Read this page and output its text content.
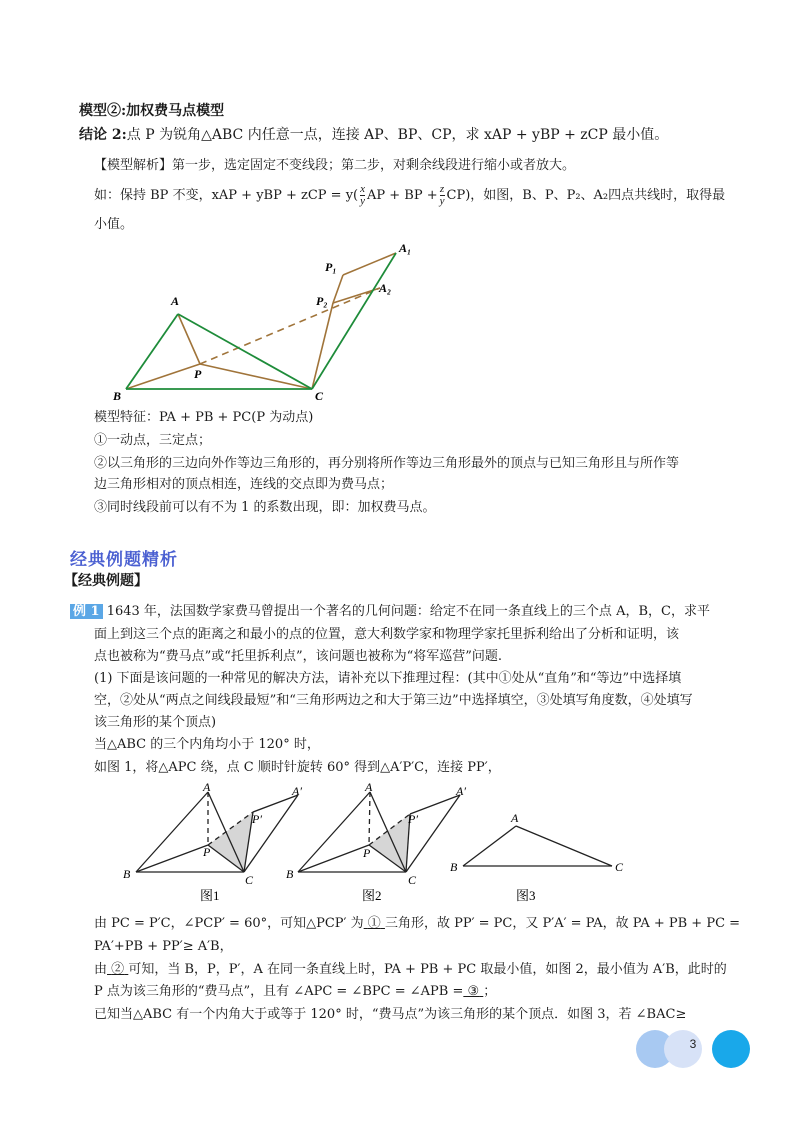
模型②:加权费马点模型
结论 2:点 P 为锐角△ABC 内任意一点，连接 AP、BP、CP，求 xAP + yBP + zCP 最小值。
【模型解析】第一步，选定固定不变线段；第二步，对剩余线段进行缩小或者放大。
如：保持 BP 不变，xAP + yBP + zCP = $y( \frac{x}{y}$ AP + BP + $\frac{z}{y} CP$)，如图，B、P、P₂、A₂四点共线时，取得最
小值。
A
B	C
P
P₁
P₂
A₁
A₂
模型特征：PA + PB + PC(P 为动点)
①一动点，三定点；
②以三角形的三边向外作等边三角形的，再分别将所作等边三角形最外的顶点与已知三角形且与所作等
边三角形相对的顶点相连，连线的交点即为费马点；
③同时线段前可以有不为 1 的系数出现，即：加权费马点。
经典例题精析
【经典例题】
例 1 1643 年，法国数学家费马曾提出一个著名的几何问题：给定不在同一条直线上的三个点 A，B，C，求平
面上到这三个点的距离之和最小的点的位置，意大利数学家和物理学家托里拆利给出了分析和证明，该
点也被称为“费马点”或“托里拆利点”，该问题也被称为“将军巡营”问题.
(1) 下面是该问题的一种常见的解决方法，请补充以下推理过程：(其中①处从“直角”和“等边”中选择填
空，②处从“两点之间线段最短”和“三角形两边之和大于第三边”中选择填空，③处填写角度数，④处填写
该三角形的某个顶点)
当△ABC 的三个内角均小于 120° 时，
如图 1，将△APC 绕，点 C 顺时针旋转 60° 得到△A′P′C，连接 PP′，
A
B	C
P
P′
A′	A
B	C
P
P′
A′
A
B	C
图1	图2	图3
由 PC = P′C，∠PCP′ = 60°，可知△PCP′ 为 ① 三角形，故 PP′ = PC，又 P′A′ = PA，故 PA + PB + PC =
PA′+PB + PP′≥ A′B，
由 ② 可知，当 B，P，P′，A 在同一条直线上时，PA + PB + PC 取最小值，如图 2，最小值为 A′B，此时的
P 点为该三角形的“费马点”，且有 ∠APC = ∠BPC = ∠APB = ③ ；
已知当△ABC 有一个内角大于或等于 120° 时，“费马点”为该三角形的某个顶点．如图 3，若 ∠BAC≥
3
